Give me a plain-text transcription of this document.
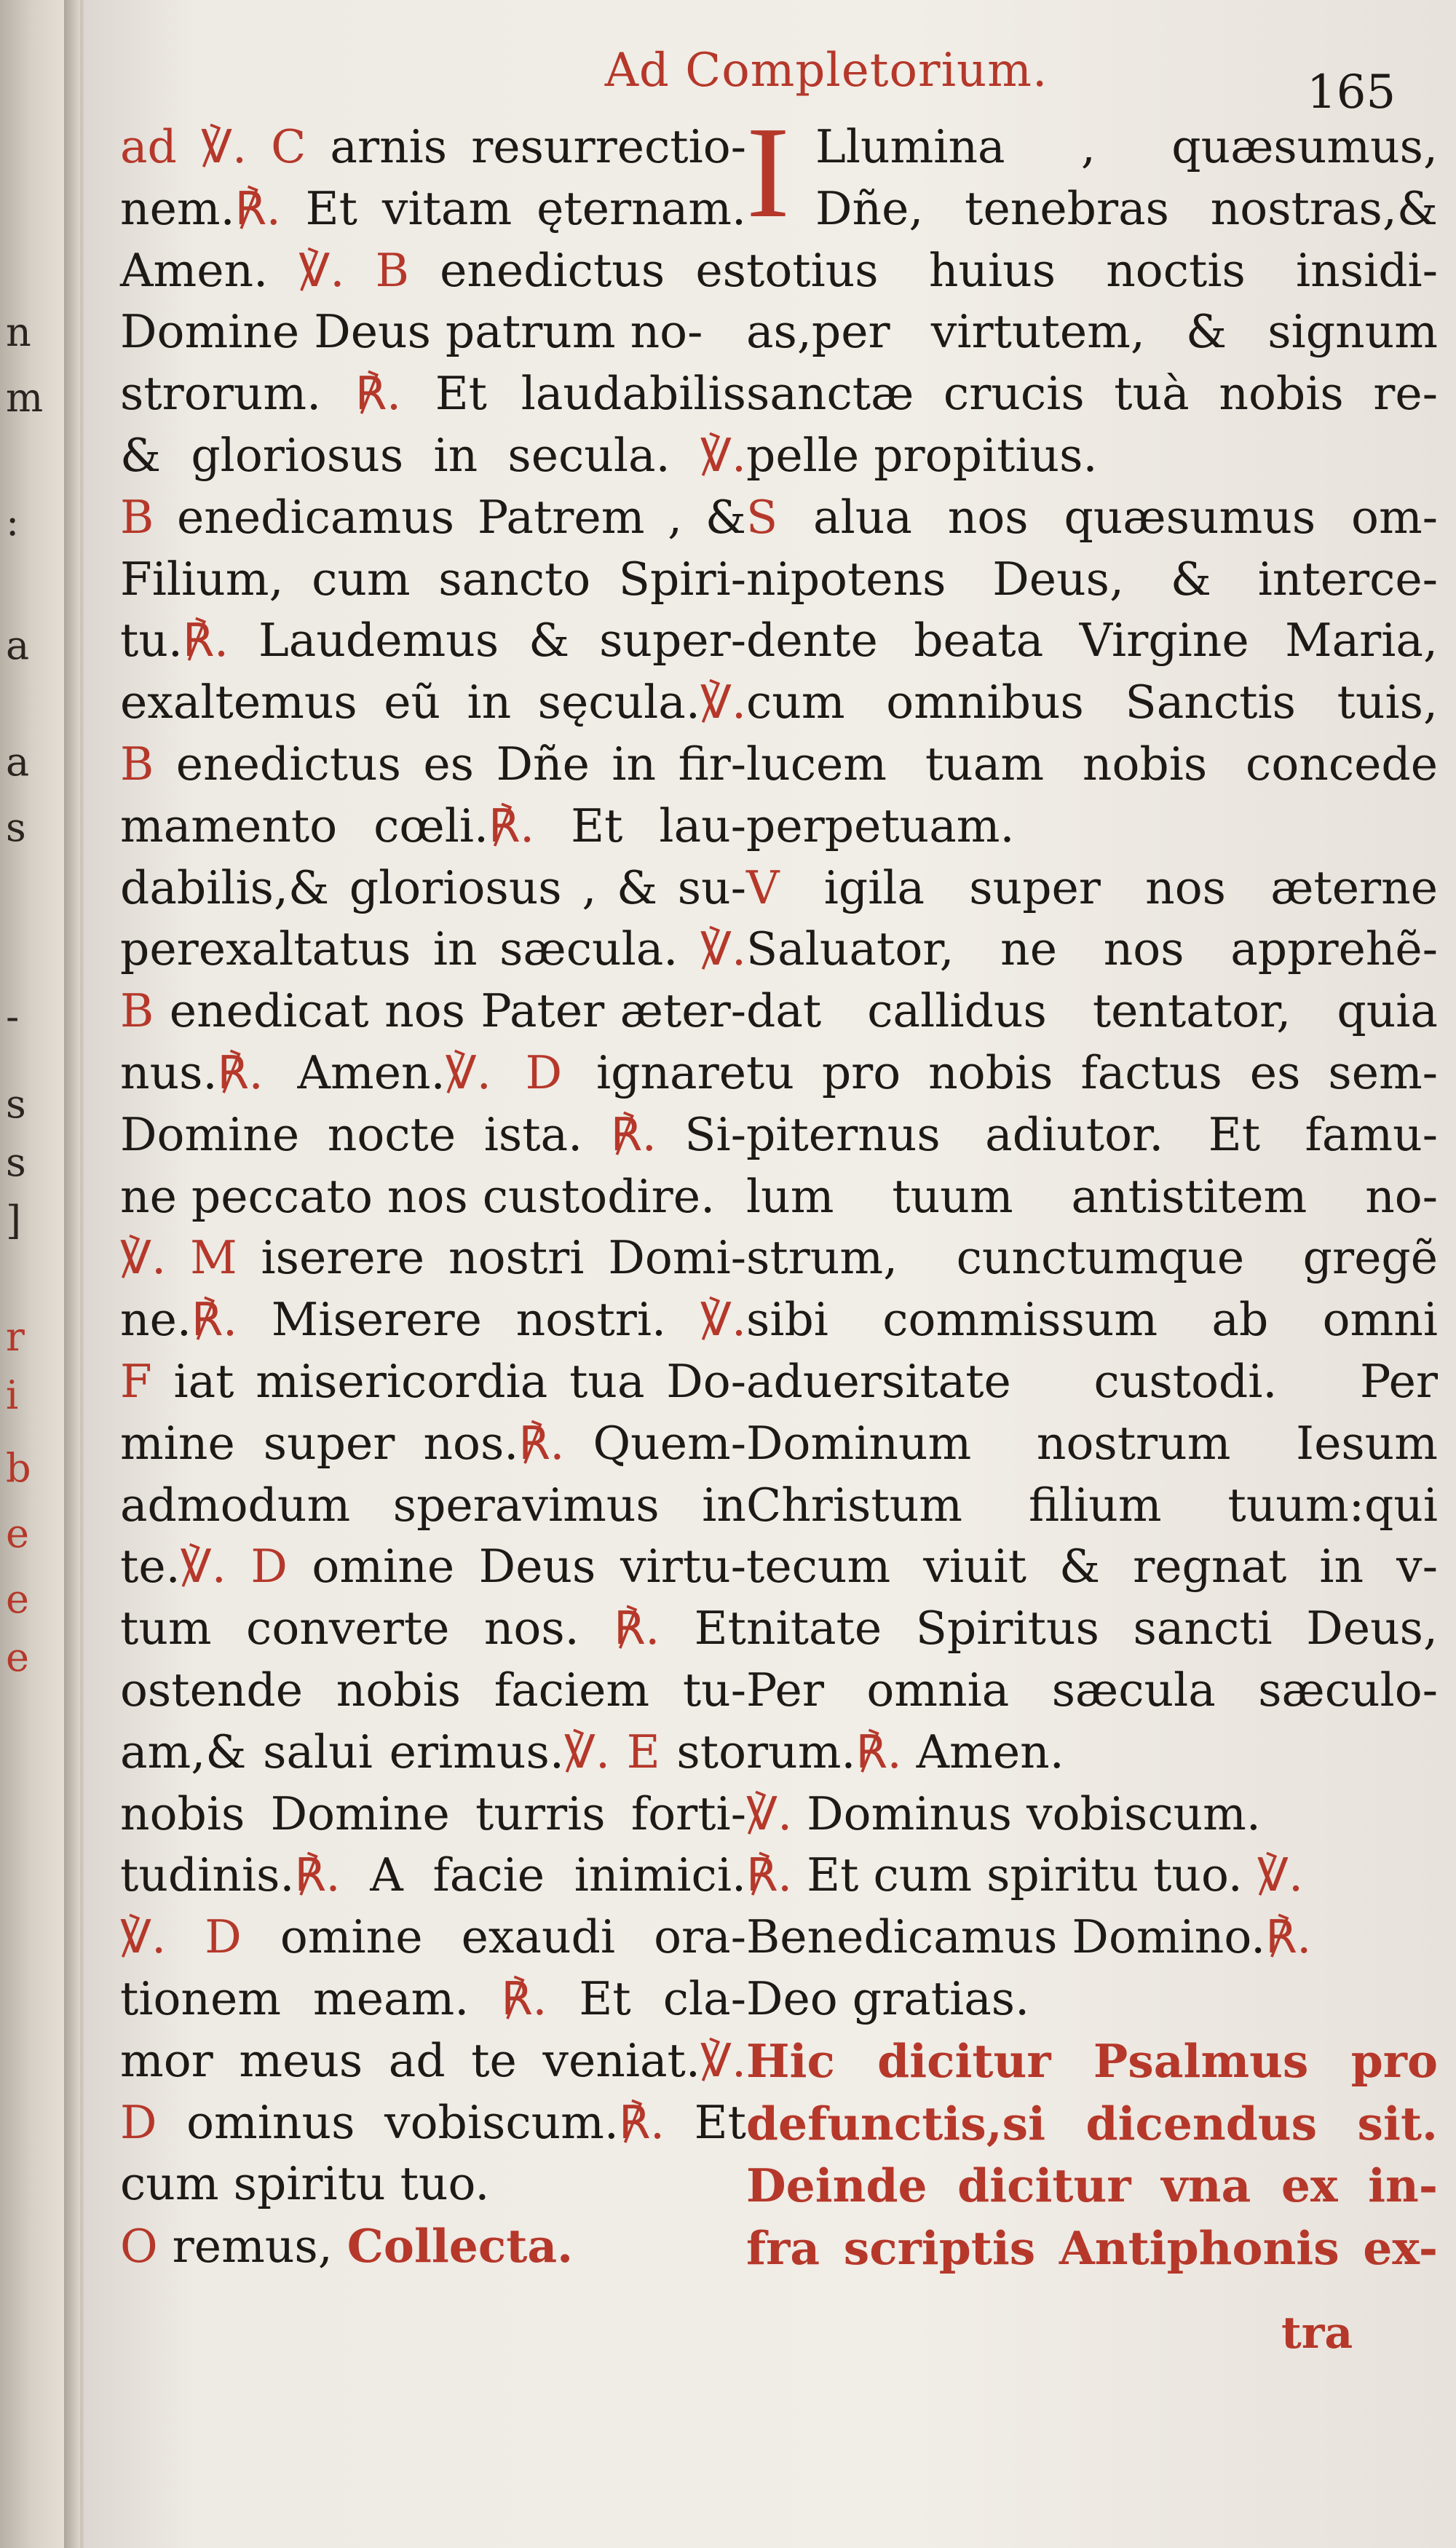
n
m
:
a
a
s
-
s
s
]
r
i
b
e
e
e
Ad Completorium.	165
ad ℣. C arnis resurrectio-
nem.℟. Et vitam ęternam.
Amen. ℣. B enedictus es
Domine Deus patrum no-
strorum. ℟. Et laudabilis
& gloriosus in secula. ℣.
B enedicamus Patrem , &
Filium, cum sancto Spiri-
tu.℟. Laudemus & super-
exaltemus eũ in sęcula.℣.
B enedictus es Dñe in fir-
mamento cœli.℟. Et lau-
dabilis,& gloriosus , & su-
perexaltatus in sæcula. ℣.
B enedicat nos Pater æter-
nus.℟. Amen.℣. D ignare
Domine nocte ista. ℟. Si-
ne peccato nos custodire.
℣. M iserere nostri Domi-
ne.℟. Miserere nostri. ℣.
F iat misericordia tua Do-
mine super nos.℟. Quem-
admodum speravimus in
te.℣. D omine Deus virtu-
tum converte nos. ℟. Et
ostende nobis faciem tu-
am,& salui erimus.℣. E sto
nobis Domine turris forti-
tudinis.℟. A facie inimici.
℣. D omine exaudi ora-
tionem meam. ℟. Et cla-
mor meus ad te veniat.℣.
D ominus vobiscum.℟. Et
cum spiritu tuo.
O remus, Collecta.
I Llumina , quæsumus,
Dñe, tenebras nostras,&
totius huius noctis insidi-
as,per virtutem, & signum
sanctæ crucis tuà nobis re-
pelle propitius.
S alua nos quæsumus om-
nipotens Deus, & interce-
dente beata Virgine Maria,
cum omnibus Sanctis tuis,
lucem tuam nobis concede
perpetuam.
V igila super nos æterne
Saluator, ne nos apprehẽ-
dat callidus tentator, quia
tu pro nobis factus es sem-
piternus adiutor. Et famu-
lum tuum antistitem no-
strum, cunctumque gregẽ
sibi commissum ab omni
aduersitate custodi. Per
Dominum nostrum Iesum
Christum filium tuum:qui
tecum viuit & regnat in v-
nitate Spiritus sancti Deus,
Per omnia sæcula sæculo-
rum.℟. Amen.
℣. Dominus vobiscum.
℟. Et cum spiritu tuo. ℣.
Benedicamus Domino.℟.
Deo gratias.
Hic dicitur Psalmus pro
defunctis,si dicendus sit.
Deinde dicitur vna ex in-
fra scriptis Antiphonis ex-
tra
